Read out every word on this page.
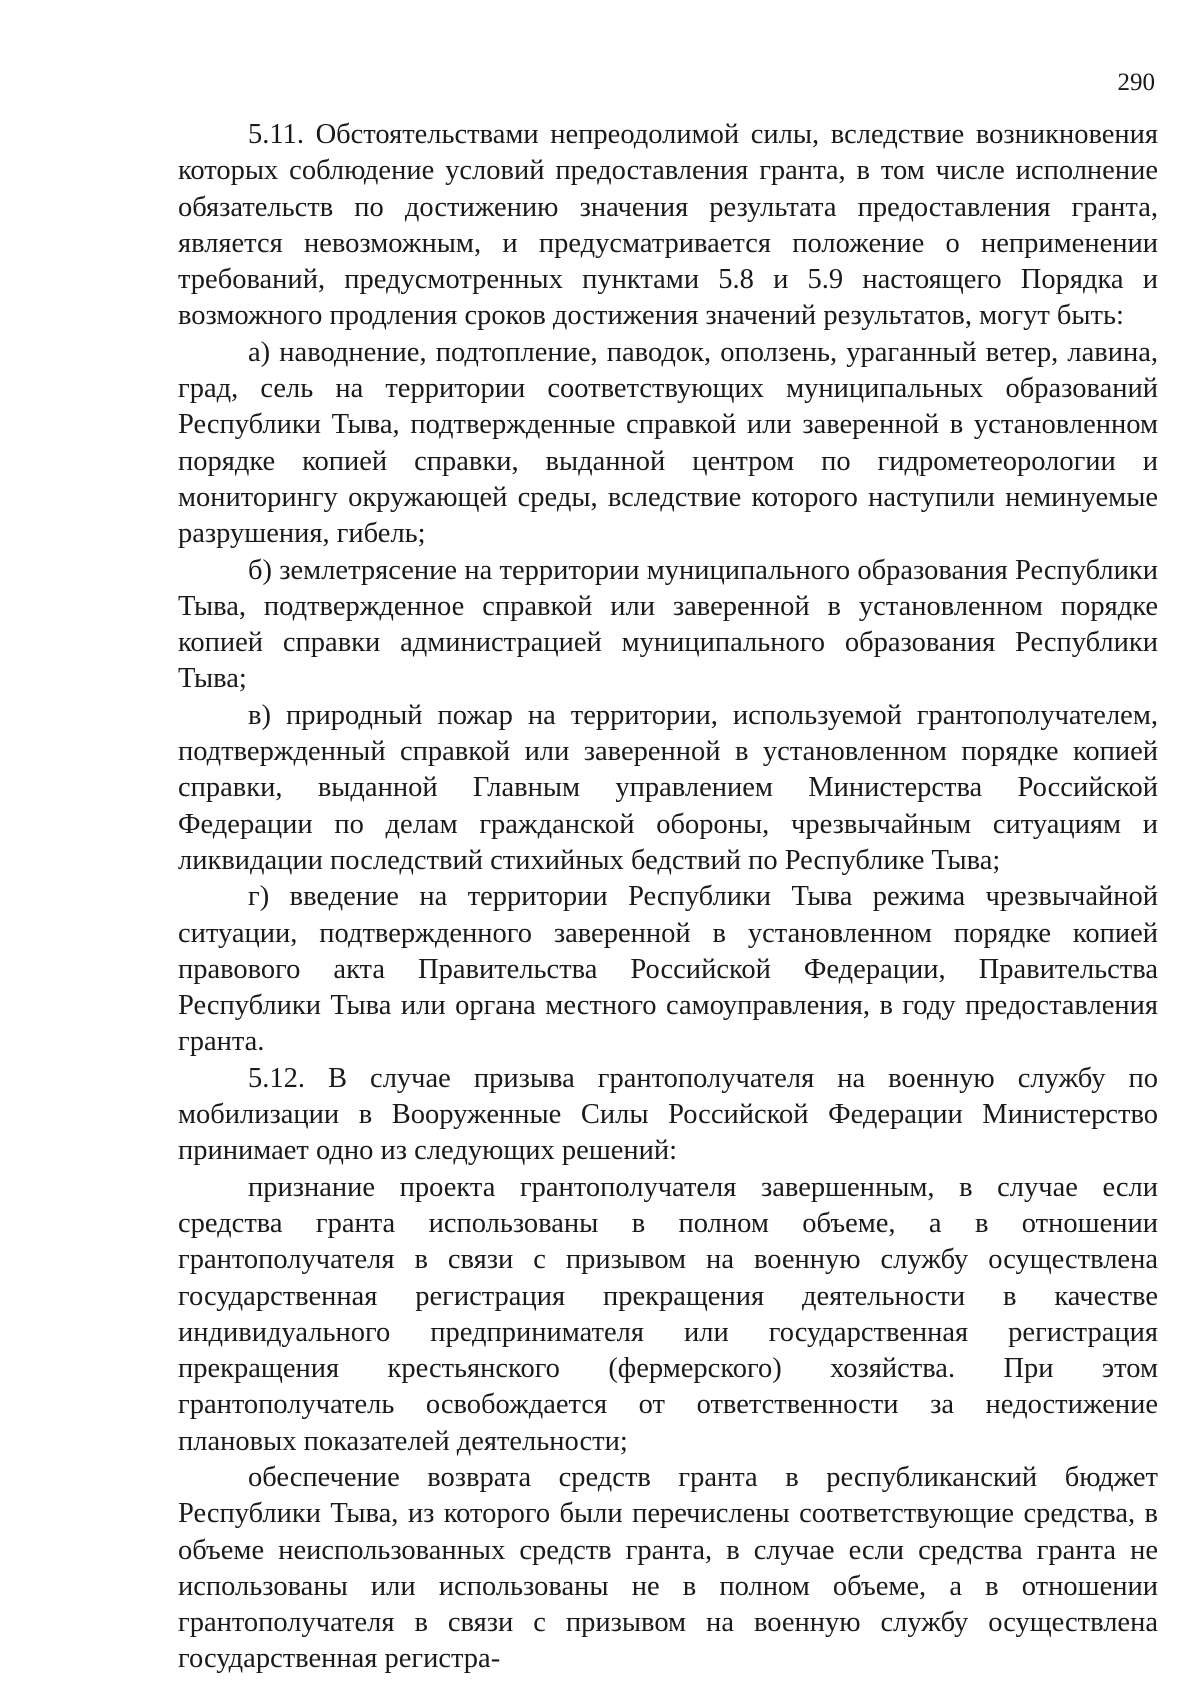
290

5.11. Обстоятельствами непреодолимой силы, вследствие возникновения которых соблюдение условий предоставления гранта, в том числе исполнение обязательств по достижению значения результата предоставления гранта, является невозможным, и предусматривается положение о неприменении требований, предусмотренных пунктами 5.8 и 5.9 настоящего Порядка и возможного продления сроков достижения значений результатов, могут быть:

а) наводнение, подтопление, паводок, оползень, ураганный ветер, лавина, град, сель на территории соответствующих муниципальных образований Республики Тыва, подтвержденные справкой или заверенной в установленном порядке копией справки, выданной центром по гидрометеорологии и мониторингу окружающей среды, вследствие которого наступили неминуемые разрушения, гибель;

б) землетрясение на территории муниципального образования Республики Тыва, подтвержденное справкой или заверенной в установленном порядке копией справки администрацией муниципального образования Республики Тыва;

в) природный пожар на территории, используемой грантополучателем, подтвержденный справкой или заверенной в установленном порядке копией справки, выданной Главным управлением Министерства Российской Федерации по делам гражданской обороны, чрезвычайным ситуациям и ликвидации последствий стихийных бедствий по Республике Тыва;

г) введение на территории Республики Тыва режима чрезвычайной ситуации, подтвержденного заверенной в установленном порядке копией правового акта Правительства Российской Федерации, Правительства Республики Тыва или органа местного самоуправления, в году предоставления гранта.

5.12. В случае призыва грантополучателя на военную службу по мобилизации в Вооруженные Силы Российской Федерации Министерство принимает одно из следующих решений:

признание проекта грантополучателя завершенным, в случае если средства гранта использованы в полном объеме, а в отношении грантополучателя в связи с призывом на военную службу осуществлена государственная регистрация прекращения деятельности в качестве индивидуального предпринимателя или государственная регистрация прекращения крестьянского (фермерского) хозяйства. При этом грантополучатель освобождается от ответственности за недостижение плановых показателей деятельности;

обеспечение возврата средств гранта в республиканский бюджет Республики Тыва, из которого были перечислены соответствующие средства, в объеме неиспользованных средств гранта, в случае если средства гранта не использованы или использованы не в полном объеме, а в отношении грантополучателя в связи с призывом на военную службу осуществлена государственная регистра-
